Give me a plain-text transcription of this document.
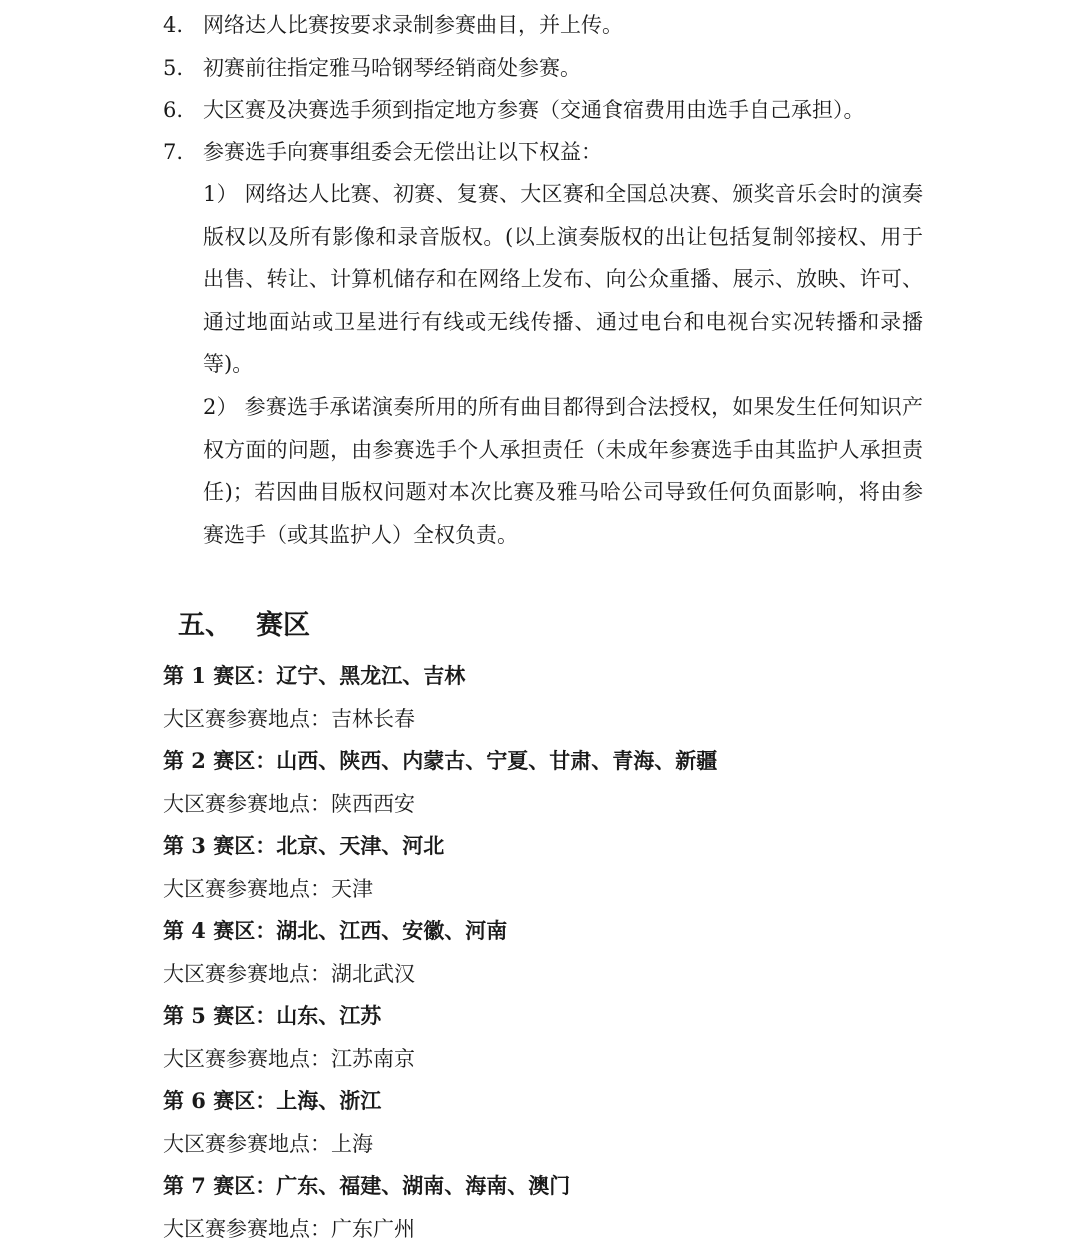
4. 网络达人比赛按要求录制参赛曲目，并上传。
5. 初赛前往指定雅马哈钢琴经销商处参赛。
6. 大区赛及决赛选手须到指定地方参赛（交通食宿费用由选手自己承担）。
7. 参赛选手向赛事组委会无偿出让以下权益：
1） 网络达人比赛、初赛、复赛、大区赛和全国总决赛、颁奖音乐会时的演奏版权以及所有影像和录音版权。(以上演奏版权的出让包括复制邻接权、用于出售、转让、计算机储存和在网络上发布、向公众重播、展示、放映、许可、通过地面站或卫星进行有线或无线传播、通过电台和电视台实况转播和录播等)。
2） 参赛选手承诺演奏所用的所有曲目都得到合法授权，如果发生任何知识产权方面的问题，由参赛选手个人承担责任（未成年参赛选手由其监护人承担责任)；若因曲目版权问题对本次比赛及雅马哈公司导致任何负面影响，将由参赛选手（或其监护人）全权负责。
五、 赛区
第 1 赛区：辽宁、黑龙江、吉林
大区赛参赛地点：吉林长春
第 2 赛区：山西、陕西、内蒙古、宁夏、甘肃、青海、新疆
大区赛参赛地点：陕西西安
第 3 赛区：北京、天津、河北
大区赛参赛地点：天津
第 4 赛区：湖北、江西、安徽、河南
大区赛参赛地点：湖北武汉
第 5 赛区：山东、江苏
大区赛参赛地点：江苏南京
第 6 赛区：上海、浙江
大区赛参赛地点：上海
第 7 赛区：广东、福建、湖南、海南、澳门
大区赛参赛地点：广东广州
